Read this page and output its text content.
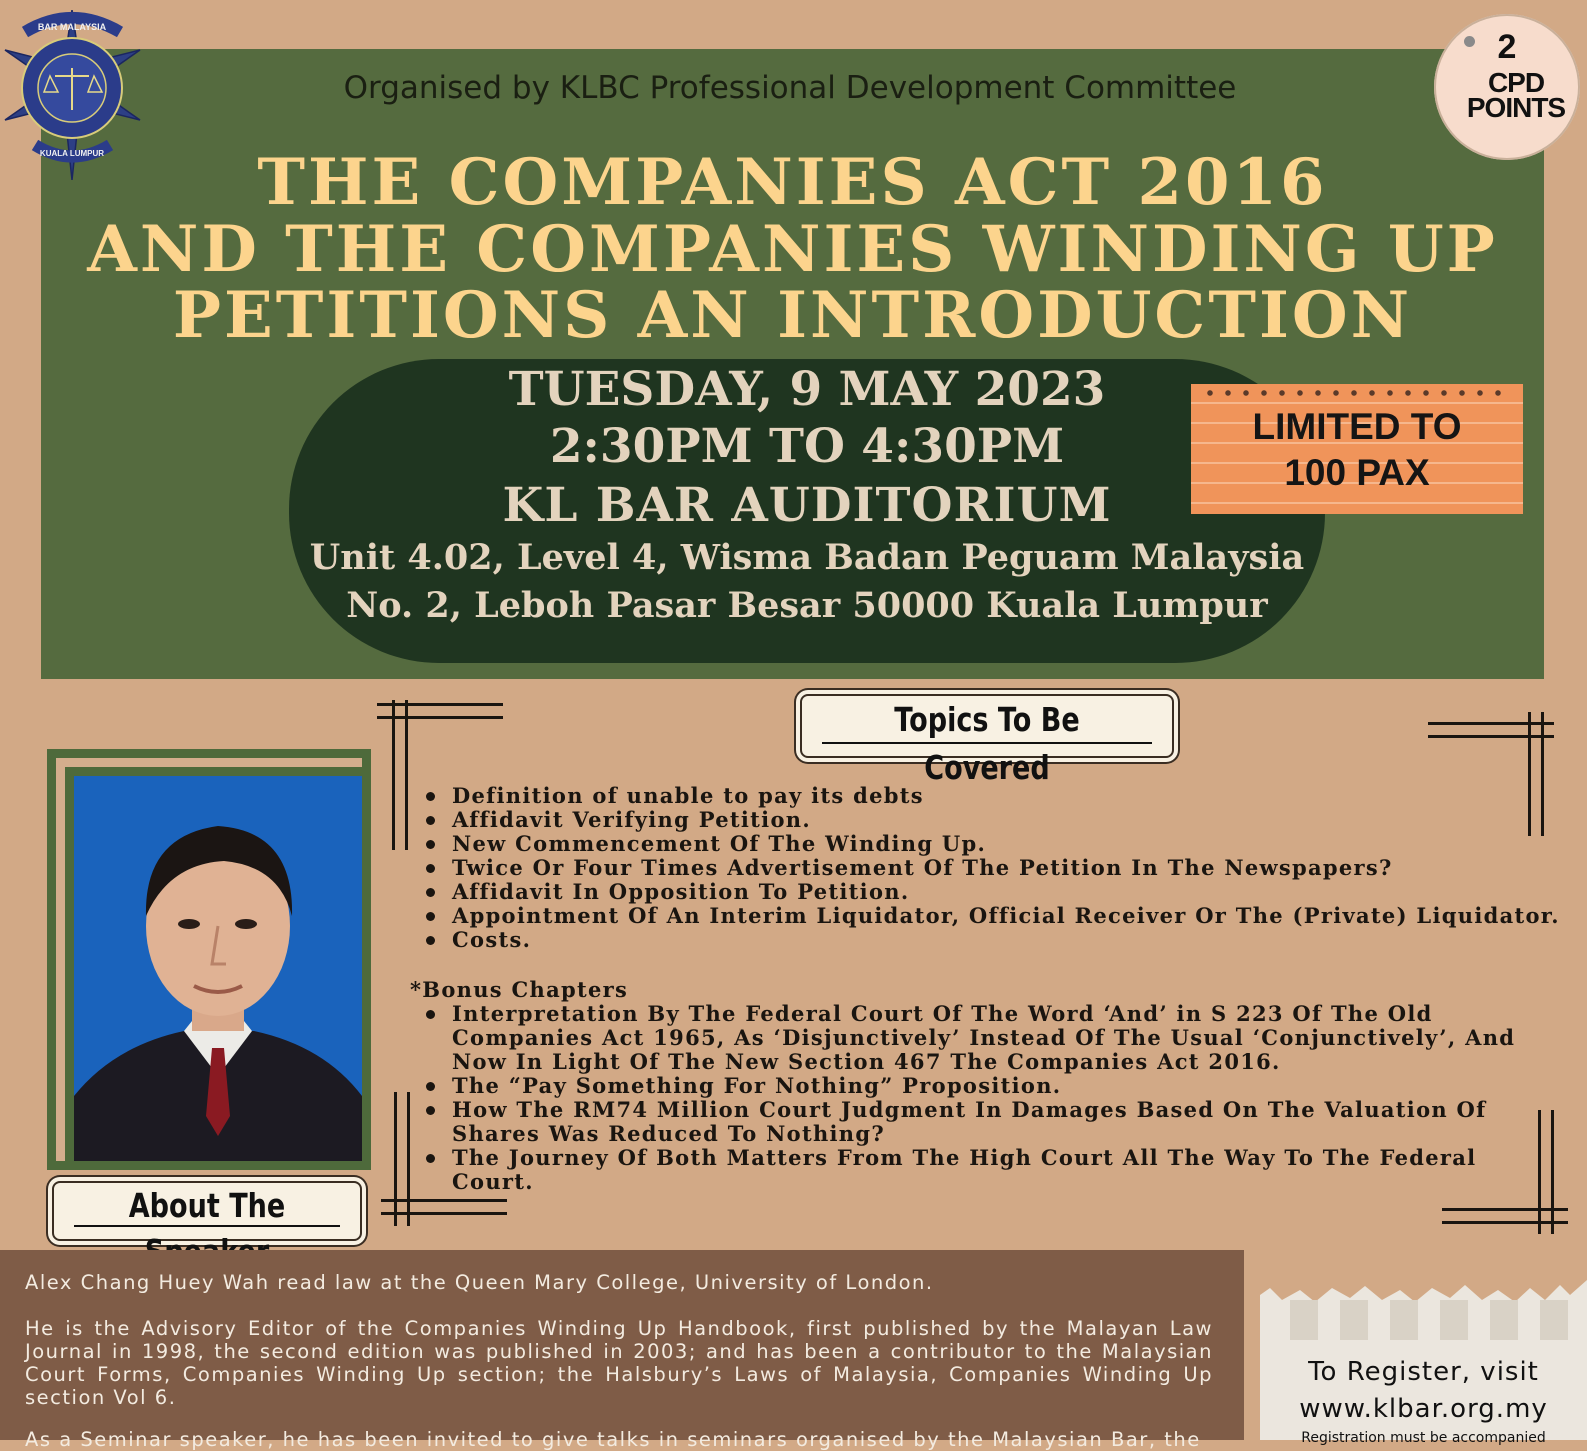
BAR MALAYSIA
KUALA LUMPUR
Organised by KLBC Professional Development Committee
2
CPD
POINTS
THE COMPANIES ACT 2016
AND THE COMPANIES WINDING UP
PETITIONS AN INTRODUCTION
TUESDAY, 9 MAY 2023
2:30PM TO 4:30PM
KL BAR AUDITORIUM
Unit 4.02, Level 4, Wisma Badan Peguam Malaysia
No. 2, Leboh Pasar Besar 50000 Kuala Lumpur
LIMITED TO
100 PAX
Topics To Be Covered
Definition of unable to pay its debts
Affidavit Verifying Petition.
New Commencement Of The Winding Up.
Twice Or Four Times Advertisement Of The Petition In The Newspapers?
Affidavit In Opposition To Petition.
Appointment Of An Interim Liquidator, Official Receiver Or The (Private) Liquidator.
Costs.
*Bonus Chapters
Interpretation By The Federal Court Of The Word ‘And’ in S 223 Of The Old Companies Act 1965, As ‘Disjunctively’ Instead Of The Usual ‘Conjunctively’, And Now In Light Of The New Section 467 The Companies Act 2016.
The “Pay Something For Nothing” Proposition.
How The RM74 Million Court Judgment In Damages Based On The Valuation Of Shares Was Reduced To Nothing?
The Journey Of Both Matters From The High Court All The Way To The Federal Court.
About The
Alex Chang Huey Wah read law at the Queen Mary College, University of London.
He is the Advisory Editor of the Companies Winding Up Handbook, first published by the Malayan Law Journal in 1998, the second edition was published in 2003; and has been a contributor to the Malaysian Court Forms, Companies Winding Up section; the Halsbury’s Laws of Malaysia, Companies Winding Up section Vol 6.
As a Seminar speaker, he has been invited to give talks in seminars organised by the Malaysian Bar, the
To Register, visit
www.klbar.org.my
Registration must be accompanied
